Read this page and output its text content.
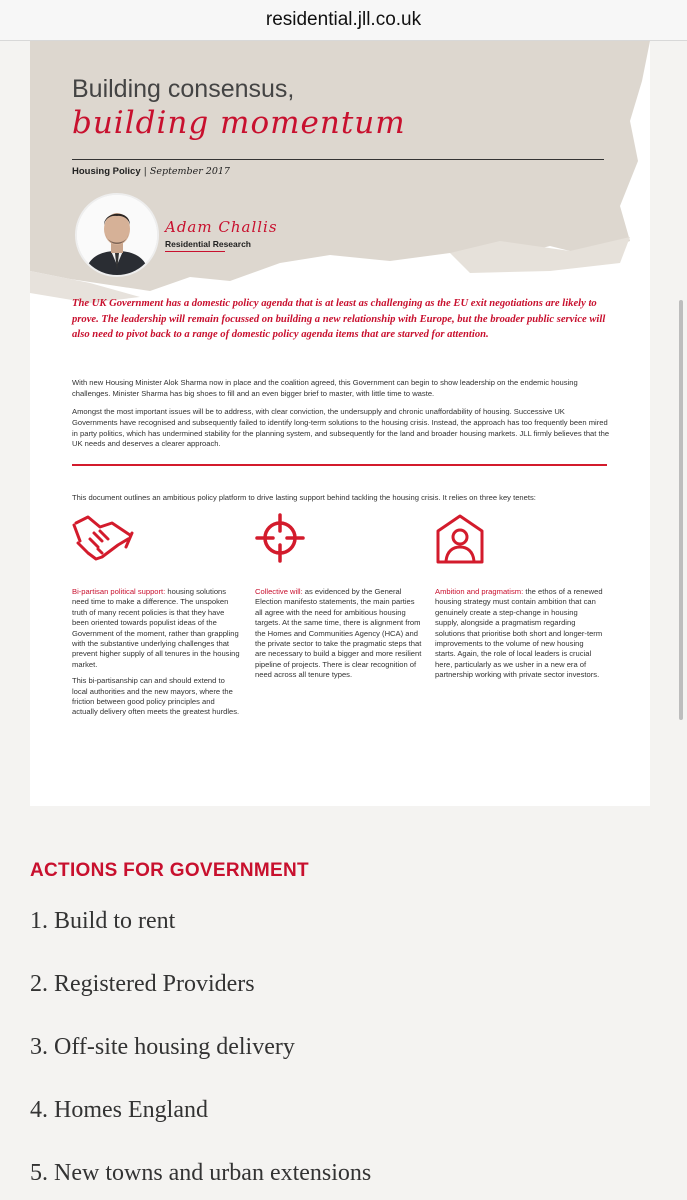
residential.jll.co.uk
Building consensus,
building momentum
Housing Policy | September 2017
Adam Challis
Residential Research
The UK Government has a domestic policy agenda that is at least as challenging as the EU exit negotiations are likely to prove. The leadership will remain focussed on building a new relationship with Europe, but the broader public service will also need to pivot back to a range of domestic policy agenda items that are starved for attention.
With new Housing Minister Alok Sharma now in place and the coalition agreed, this Government can begin to show leadership on the endemic housing challenges. Minister Sharma has big shoes to fill and an even bigger brief to master, with little time to waste.
Amongst the most important issues will be to address, with clear conviction, the undersupply and chronic unaffordability of housing. Successive UK Governments have recognised and subsequently failed to identify long-term solutions to the housing crisis. Instead, the approach has too frequently been mired in party politics, which has undermined stability for the planning system, and subsequently for the land and broader housing markets. JLL firmly believes that the UK needs and deserves a clearer approach.
This document outlines an ambitious policy platform to drive lasting support behind tackling the housing crisis. It relies on three key tenets:

Bi-partisan political support: housing solutions need time to make a difference. The unspoken truth of many recent policies is that they have been oriented towards populist ideas of the Government of the moment, rather than grappling with the substantive underlying challenges that prevent higher supply of all tenures in the housing market.

This bi-partisanship can and should extend to local authorities and the new mayors, where the friction between good policy principles and actually delivery often meets the greatest hurdles.

Collective will: as evidenced by the General Election manifesto statements, the main parties all agree with the need for ambitious housing targets. At the same time, there is alignment from the Homes and Communities Agency (HCA) and the private sector to take the pragmatic steps that are necessary to build a bigger and more resilient pipeline of projects. There is clear recognition of need across all tenure types.

Ambition and pragmatism: the ethos of a renewed housing strategy must contain ambition that can genuinely create a step-change in housing supply, alongside a pragmatism regarding solutions that prioritise both short and longer-term improvements to the volume of new housing starts. Again, the role of local leaders is crucial here, particularly as we usher in a new era of partnership working with private sector investors.

ACTIONS FOR GOVERNMENT
1. Build to rent
2. Registered Providers
3. Off-site housing delivery
4. Homes England
5. New towns and urban extensions
